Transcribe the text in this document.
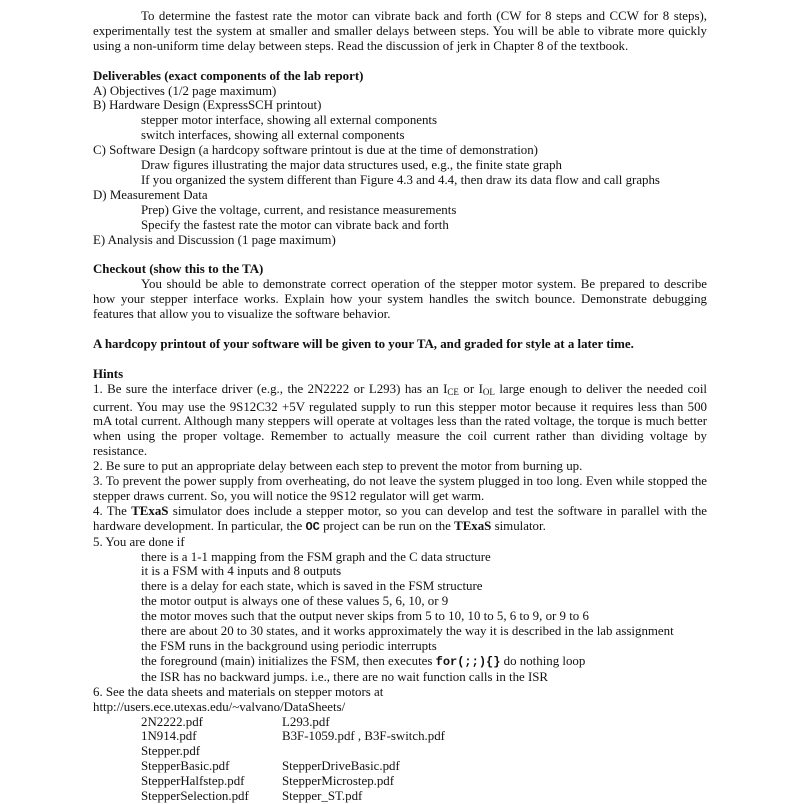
To determine the fastest rate the motor can vibrate back and forth (CW for 8 steps and CCW for 8 steps), experimentally test the system at smaller and smaller delays between steps. You will be able to vibrate more quickly using a non-uniform time delay between steps. Read the discussion of jerk in Chapter 8 of the textbook.

Deliverables (exact components of the lab report)

A) Objectives (1/2 page maximum)

B) Hardware Design (ExpressSCH printout)

stepper motor interface, showing all external components

switch interfaces, showing all external components

C) Software Design (a hardcopy software printout is due at the time of demonstration)

Draw figures illustrating the major data structures used, e.g., the finite state graph

If you organized the system different than Figure 4.3 and 4.4, then draw its data flow and call graphs

D) Measurement Data

Prep) Give the voltage, current, and resistance measurements

Specify the fastest rate the motor can vibrate back and forth

E) Analysis and Discussion (1 page maximum)

Checkout (show this to the TA)

You should be able to demonstrate correct operation of the stepper motor system. Be prepared to describe how your stepper interface works. Explain how your system handles the switch bounce. Demonstrate debugging features that allow you to visualize the software behavior.

A hardcopy printout of your software will be given to your TA, and graded for style at a later time.

Hints

1. Be sure the interface driver (e.g., the 2N2222 or L293) has an $I_{CE}$ or $I_{OL}$ large enough to deliver the needed coil current. You may use the 9S12C32 +5V regulated supply to run this stepper motor because it requires less than 500 mA total current. Although many steppers will operate at voltages less than the rated voltage, the torque is much better when using the proper voltage. Remember to actually measure the coil current rather than dividing voltage by resistance.

2. Be sure to put an appropriate delay between each step to prevent the motor from burning up.

3. To prevent the power supply from overheating, do not leave the system plugged in too long. Even while stopped the stepper draws current. So, you will notice the 9S12 regulator will get warm.

4. The TExaS simulator does include a stepper motor, so you can develop and test the software in parallel with the hardware development. In particular, the OC project can be run on the TExaS simulator.

5. You are done if

there is a 1-1 mapping from the FSM graph and the C data structure

it is a FSM with 4 inputs and 8 outputs

there is a delay for each state, which is saved in the FSM structure

the motor output is always one of these values 5, 6, 10, or 9

the motor moves such that the output never skips from 5 to 10, 10 to 5, 6 to 9, or 9 to 6

there are about 20 to 30 states, and it works approximately the way it is described in the lab assignment

the FSM runs in the background using periodic interrupts

the foreground (main) initializes the FSM, then executes for(;;){} do nothing loop

the ISR has no backward jumps. i.e., there are no wait function calls in the ISR

6. See the data sheets and materials on stepper motors at

http://users.ece.utexas.edu/~valvano/DataSheets/

2N2222.pdf	L293.pdf
1N914.pdf	B3F-1059.pdf , B3F-switch.pdf
Stepper.pdf
StepperBasic.pdf	StepperDriveBasic.pdf
StepperHalfstep.pdf	StepperMicrostep.pdf
StepperSelection.pdf	Stepper_ST.pdf
